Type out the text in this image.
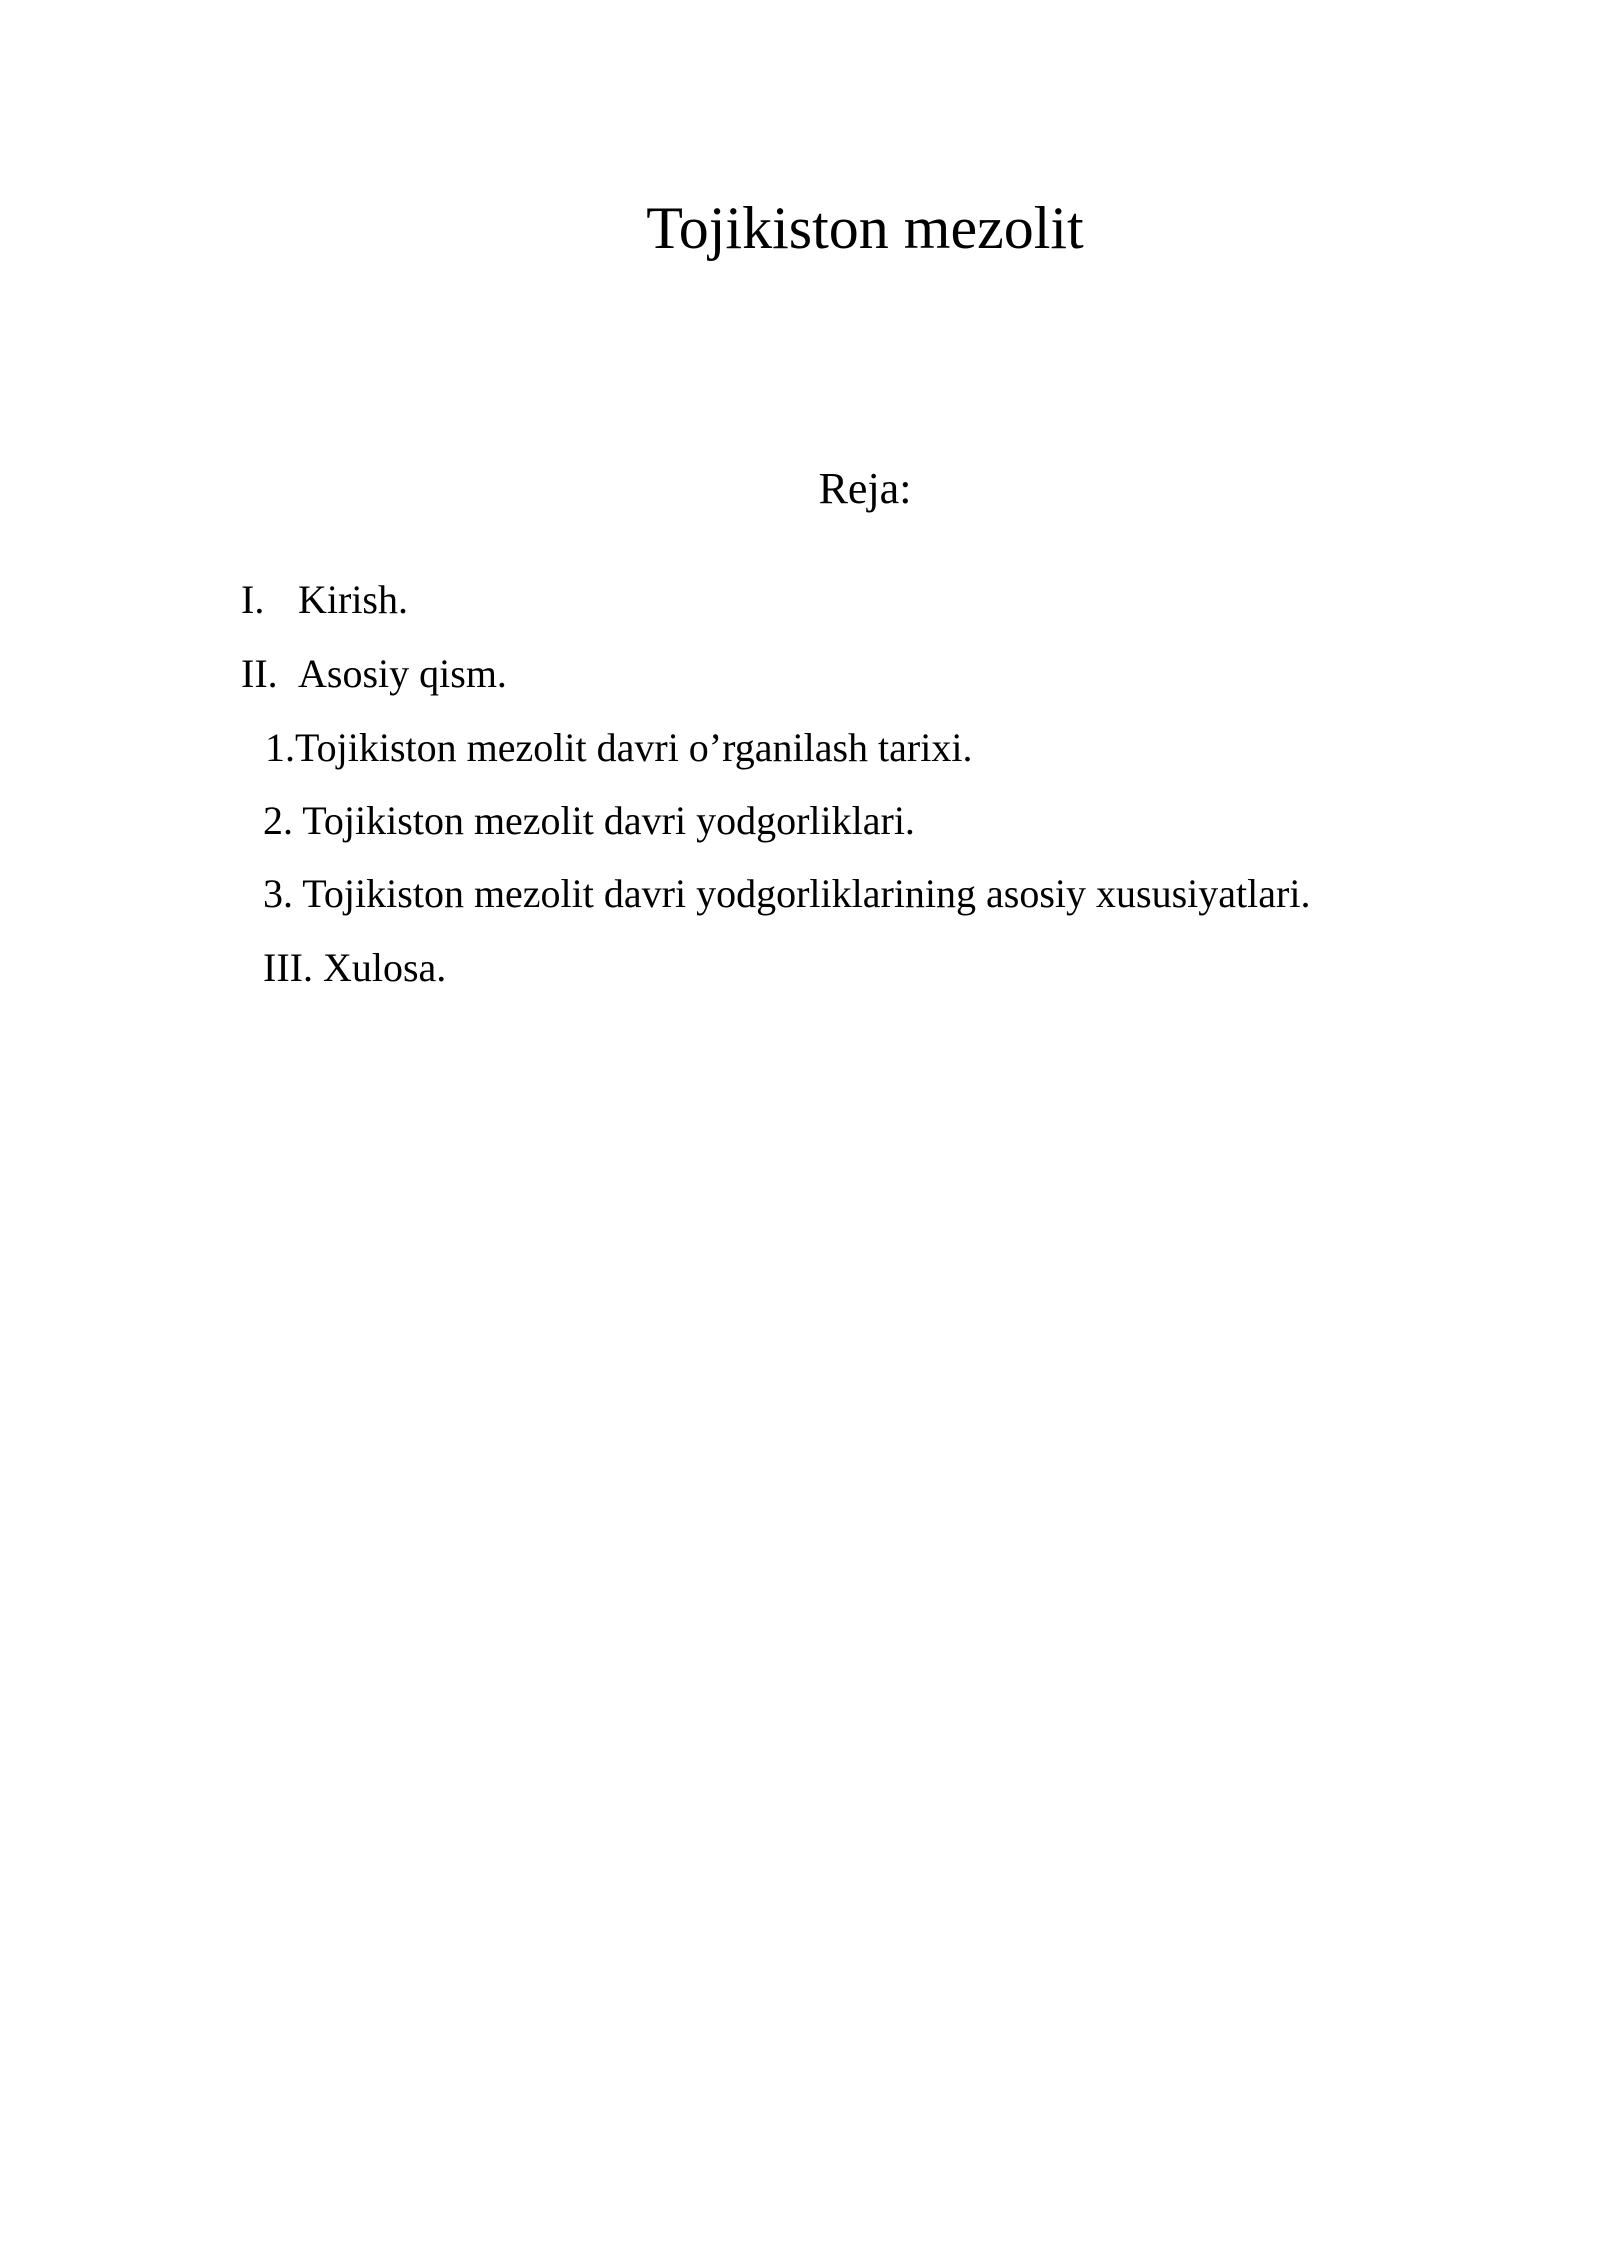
Tojikiston mezolit
Reja:
I. Kirish.
II. Asosiy qism.
1.Tojikiston mezolit davri o’rganilash tarixi.
2. Tojikiston mezolit davri yodgorliklari.
3. Tojikiston mezolit davri yodgorliklarining asosiy xususiyatlari.
III. Xulosa.
